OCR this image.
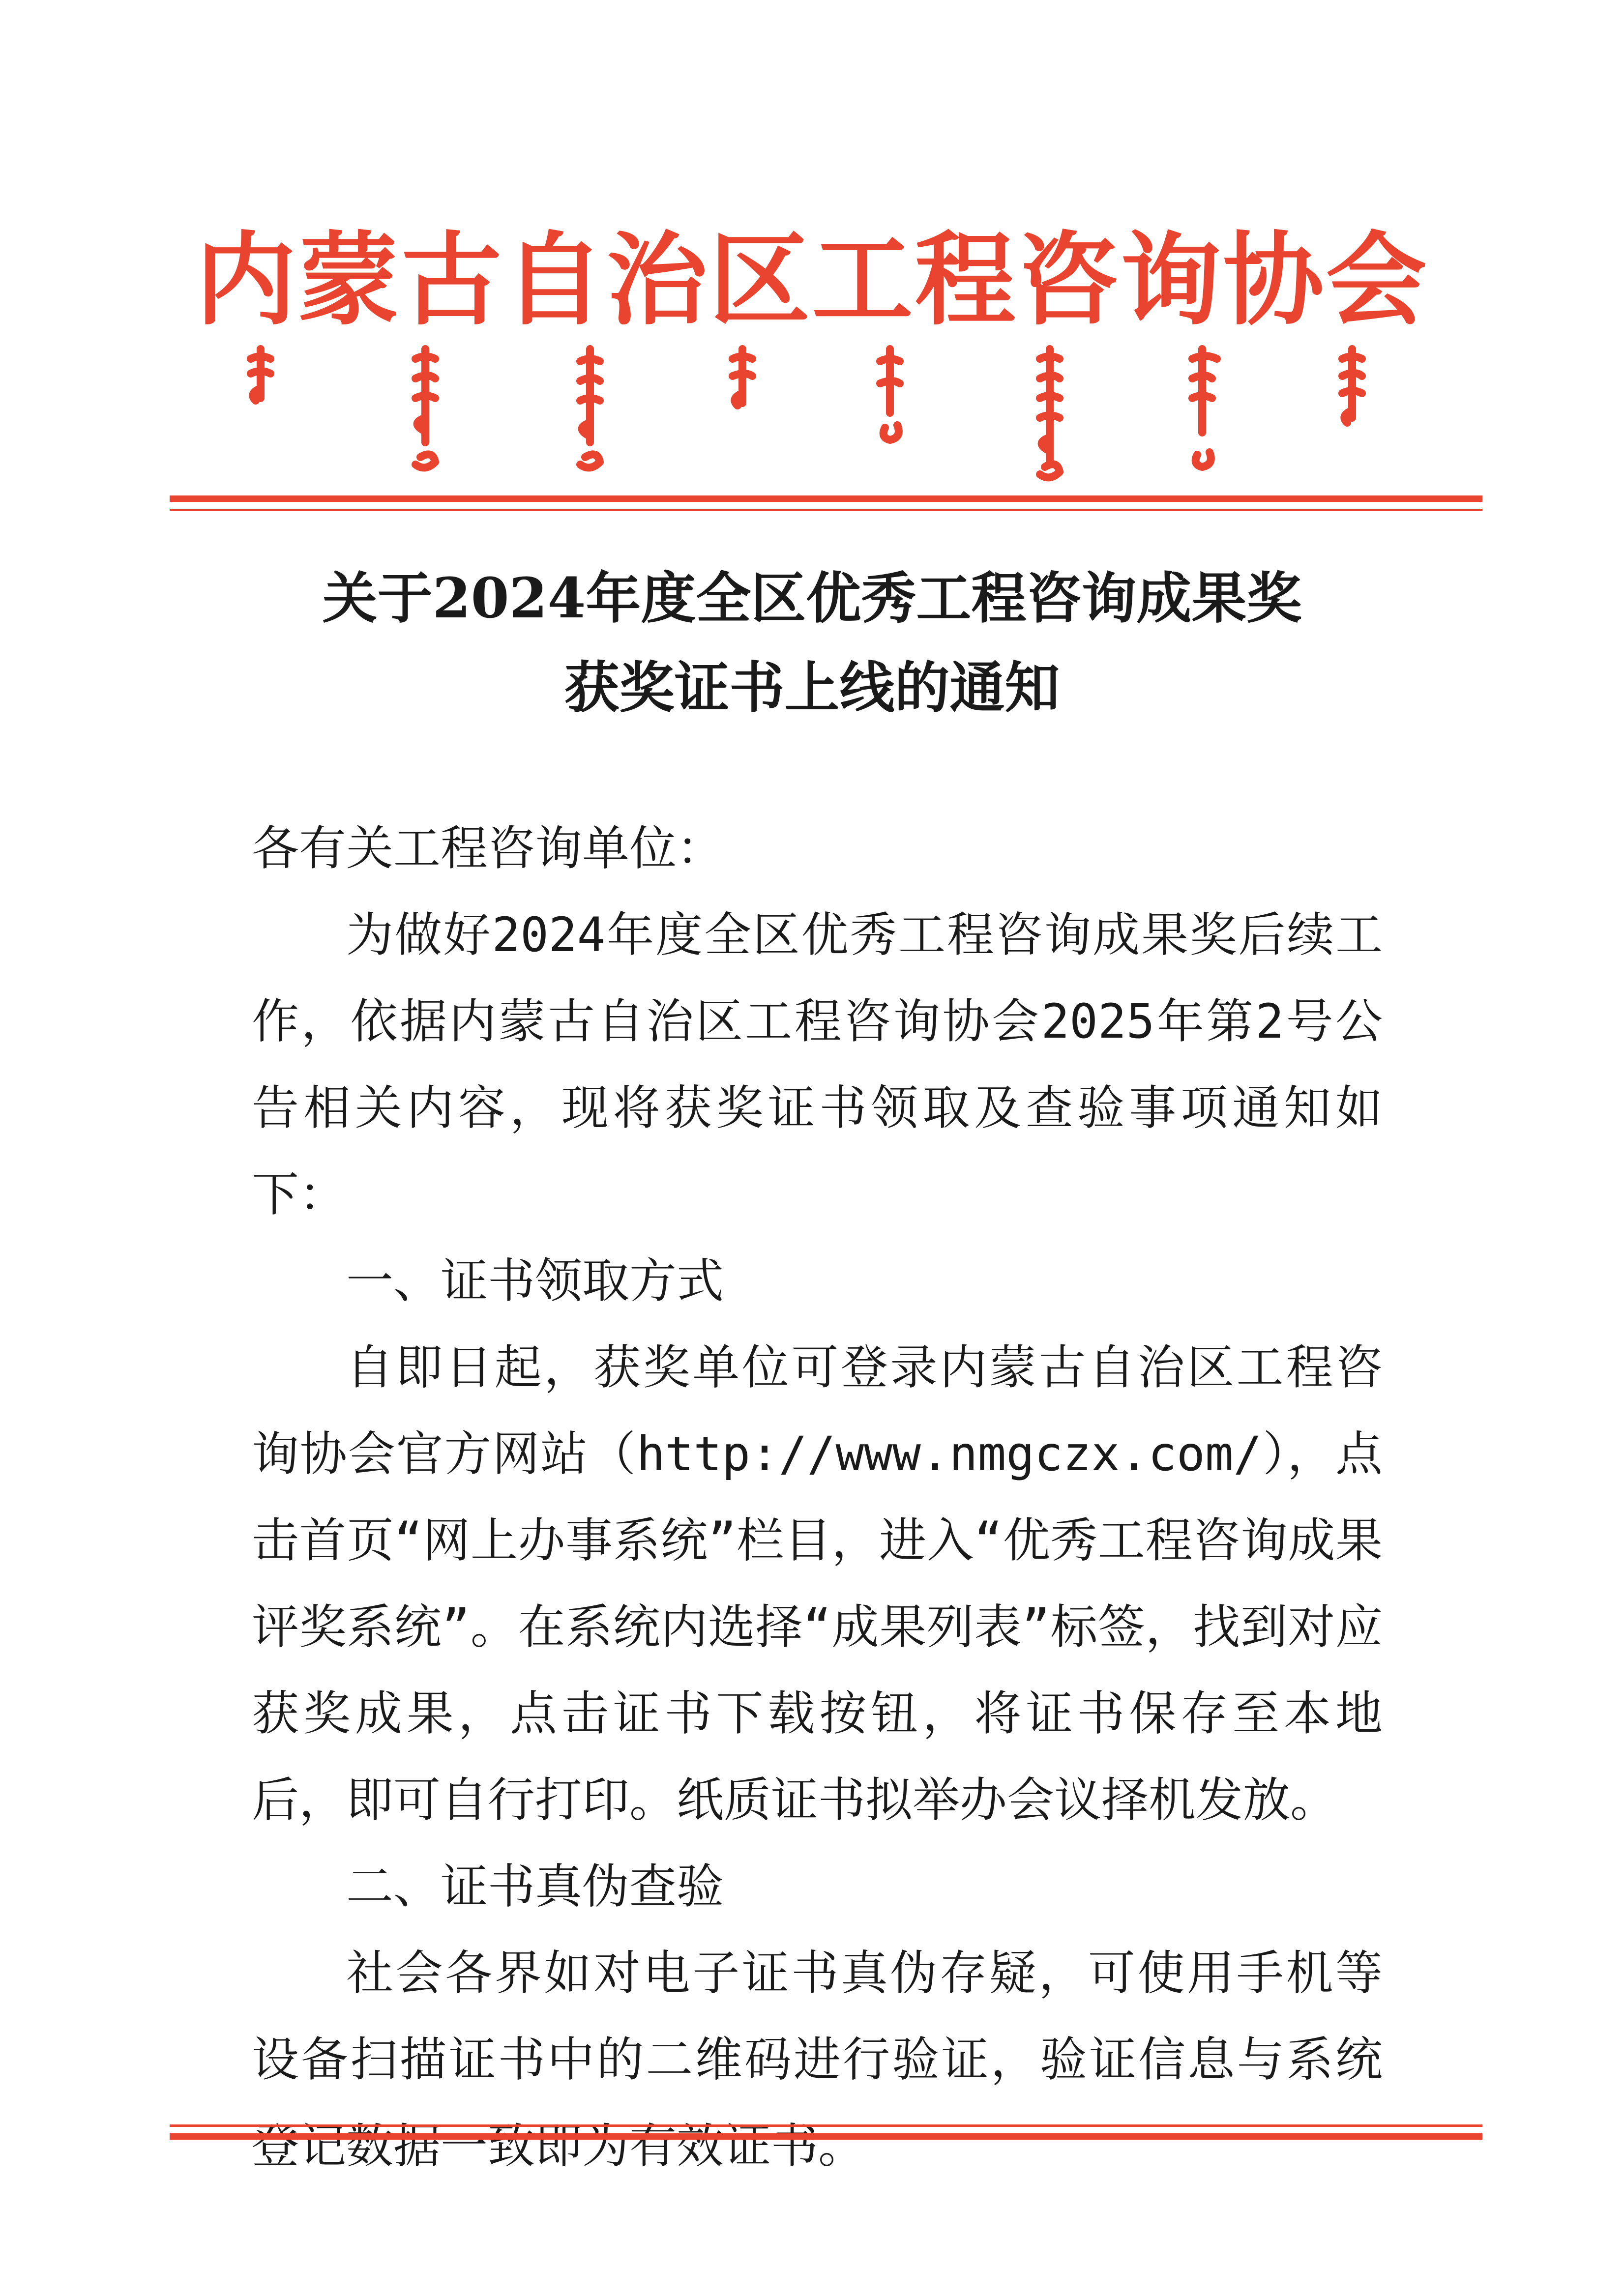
内蒙古自治区工程咨询协会
关于2024年度全区优秀工程咨询成果奖
获奖证书上线的通知

各有关工程咨询单位：

为做好2024年度全区优秀工程咨询成果奖后续工作，依据内蒙古自治区工程咨询协会2025年第2号公告相关内容，现将获奖证书领取及查验事项通知如下：

一、证书领取方式

自即日起，获奖单位可登录内蒙古自治区工程咨询协会官方网站（http://www.nmgczx.com/），点击首页“网上办事系统”栏目，进入“优秀工程咨询成果评奖系统”。在系统内选择“成果列表”标签，找到对应获奖成果，点击证书下载按钮，将证书保存至本地后，即可自行打印。纸质证书拟举办会议择机发放。

二、证书真伪查验

社会各界如对电子证书真伪存疑，可使用手机等设备扫描证书中的二维码进行验证，验证信息与系统登记数据一致即为有效证书。
